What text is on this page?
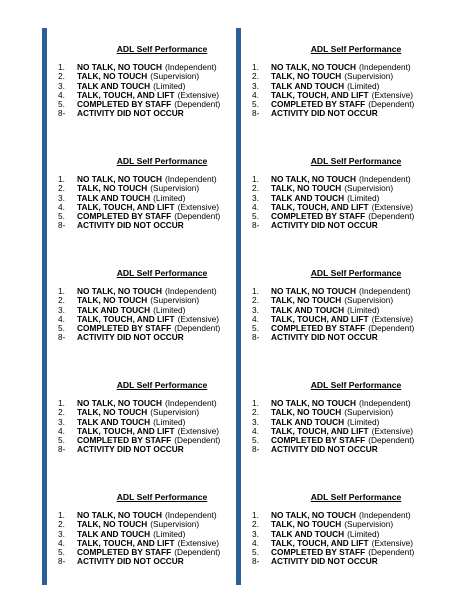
ADL Self Performance
1.	NO TALK, NO TOUCH (Independent)
2.	TALK, NO TOUCH (Supervision)
3.	TALK AND TOUCH (Limited)
4.	TALK, TOUCH, AND LIFT (Extensive)
5.	COMPLETED BY STAFF (Dependent)
8-	ACTIVITY DID NOT OCCUR
ADL Self Performance
1.	NO TALK, NO TOUCH (Independent)
2.	TALK, NO TOUCH (Supervision)
3.	TALK AND TOUCH (Limited)
4.	TALK, TOUCH, AND LIFT (Extensive)
5.	COMPLETED BY STAFF (Dependent)
8-	ACTIVITY DID NOT OCCUR
ADL Self Performance
1.	NO TALK, NO TOUCH (Independent)
2.	TALK, NO TOUCH (Supervision)
3.	TALK AND TOUCH (Limited)
4.	TALK, TOUCH, AND LIFT (Extensive)
5.	COMPLETED BY STAFF (Dependent)
8-	ACTIVITY DID NOT OCCUR
ADL Self Performance
1.	NO TALK, NO TOUCH (Independent)
2.	TALK, NO TOUCH (Supervision)
3.	TALK AND TOUCH (Limited)
4.	TALK, TOUCH, AND LIFT (Extensive)
5.	COMPLETED BY STAFF (Dependent)
8-	ACTIVITY DID NOT OCCUR
ADL Self Performance
1.	NO TALK, NO TOUCH (Independent)
2.	TALK, NO TOUCH (Supervision)
3.	TALK AND TOUCH (Limited)
4.	TALK, TOUCH, AND LIFT (Extensive)
5.	COMPLETED BY STAFF (Dependent)
8-	ACTIVITY DID NOT OCCUR
ADL Self Performance
1.	NO TALK, NO TOUCH (Independent)
2.	TALK, NO TOUCH (Supervision)
3.	TALK AND TOUCH (Limited)
4.	TALK, TOUCH, AND LIFT (Extensive)
5.	COMPLETED BY STAFF (Dependent)
8-	ACTIVITY DID NOT OCCUR
ADL Self Performance
1.	NO TALK, NO TOUCH (Independent)
2.	TALK, NO TOUCH (Supervision)
3.	TALK AND TOUCH (Limited)
4.	TALK, TOUCH, AND LIFT (Extensive)
5.	COMPLETED BY STAFF (Dependent)
8-	ACTIVITY DID NOT OCCUR
ADL Self Performance
1.	NO TALK, NO TOUCH (Independent)
2.	TALK, NO TOUCH (Supervision)
3.	TALK AND TOUCH (Limited)
4.	TALK, TOUCH, AND LIFT (Extensive)
5.	COMPLETED BY STAFF (Dependent)
8-	ACTIVITY DID NOT OCCUR
ADL Self Performance
1.	NO TALK, NO TOUCH (Independent)
2.	TALK, NO TOUCH (Supervision)
3.	TALK AND TOUCH (Limited)
4.	TALK, TOUCH, AND LIFT (Extensive)
5.	COMPLETED BY STAFF (Dependent)
8-	ACTIVITY DID NOT OCCUR
ADL Self Performance
1.	NO TALK, NO TOUCH (Independent)
2.	TALK, NO TOUCH (Supervision)
3.	TALK AND TOUCH (Limited)
4.	TALK, TOUCH, AND LIFT (Extensive)
5.	COMPLETED BY STAFF (Dependent)
8-	ACTIVITY DID NOT OCCUR
